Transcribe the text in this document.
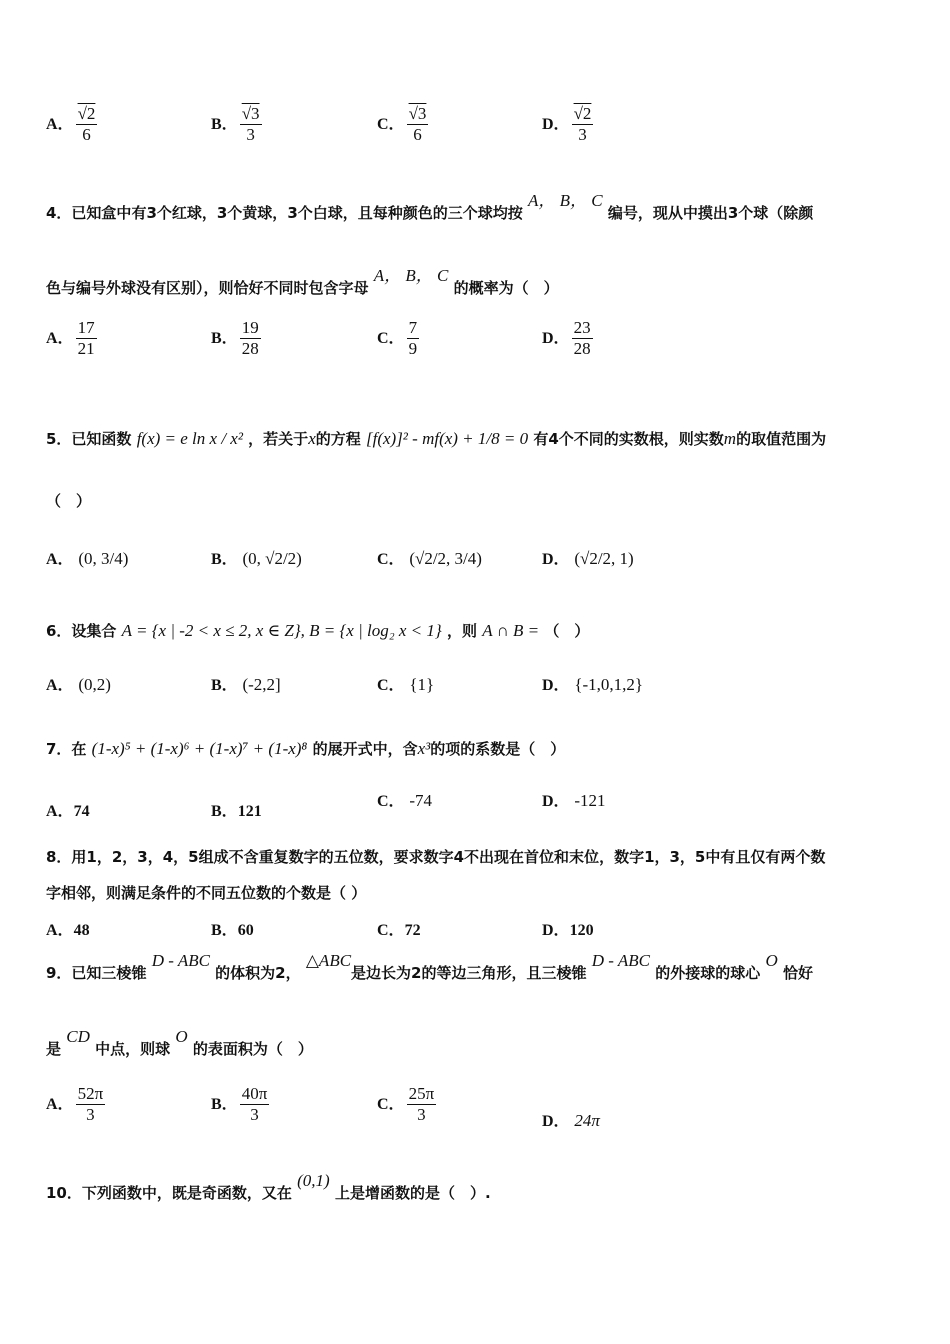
A． $\frac{√2}{6}$	B． $\frac{√3}{3}$	C． $\frac{√3}{6}$	D． $\frac{√2}{3}$
4．已知盒中有3个红球，3个黄球，3个白球，且每种颜色的三个球均按 A， B， C 编号，现从中摸出3个球（除颜
色与编号外球没有区别），则恰好不同时包含字母 A， B， C 的概率为（　）
A． $\frac{17}{21}$	B． $\frac{19}{28}$	C． $\frac{7}{9}$	D． $\frac{23}{28}$
5．已知函数 f(x) = e ln x / x² ，若关于x的方程 [f(x)]² - mf(x) + 1/8 = 0 有4个不同的实数根，则实数m的取值范围为
（　）
A． (0, 3/4)	B． (0, √2/2)	C． (√2/2, 3/4)	D． (√2/2, 1)
6．设集合 A = {x | -2 < x ≤ 2, x ∈ Z}, B = {x | log₂ x < 1} ，则 A ∩ B = （　）
A． (0,2)	B． (-2,2]	C． {1}	D． {-1,0,1,2}
7．在 (1-x)⁵ + (1-x)⁶ + (1-x)⁷ + (1-x)⁸ 的展开式中，含x³的项的系数是（　）
A．74	B．121
C． -74	D． -121
8．用1，2，3，4，5组成不含重复数字的五位数，要求数字4不出现在首位和末位，数字1，3，5中有且仅有两个数
字相邻，则满足条件的不同五位数的个数是（ ）
A．48	B．60	C．72	D．120
9．已知三棱锥 D - ABC 的体积为2， △ABC是边长为2的等边三角形，且三棱锥 D - ABC 的外接球的球心 O 恰好
是 CD 中点，则球 O 的表面积为（　）
A． $\frac{52\pi}{3}$	B． $\frac{40\pi}{3}$	C． $\frac{25\pi}{3}$	D． 24π
10．下列函数中，既是奇函数，又在 (0,1) 上是增函数的是（　）.
